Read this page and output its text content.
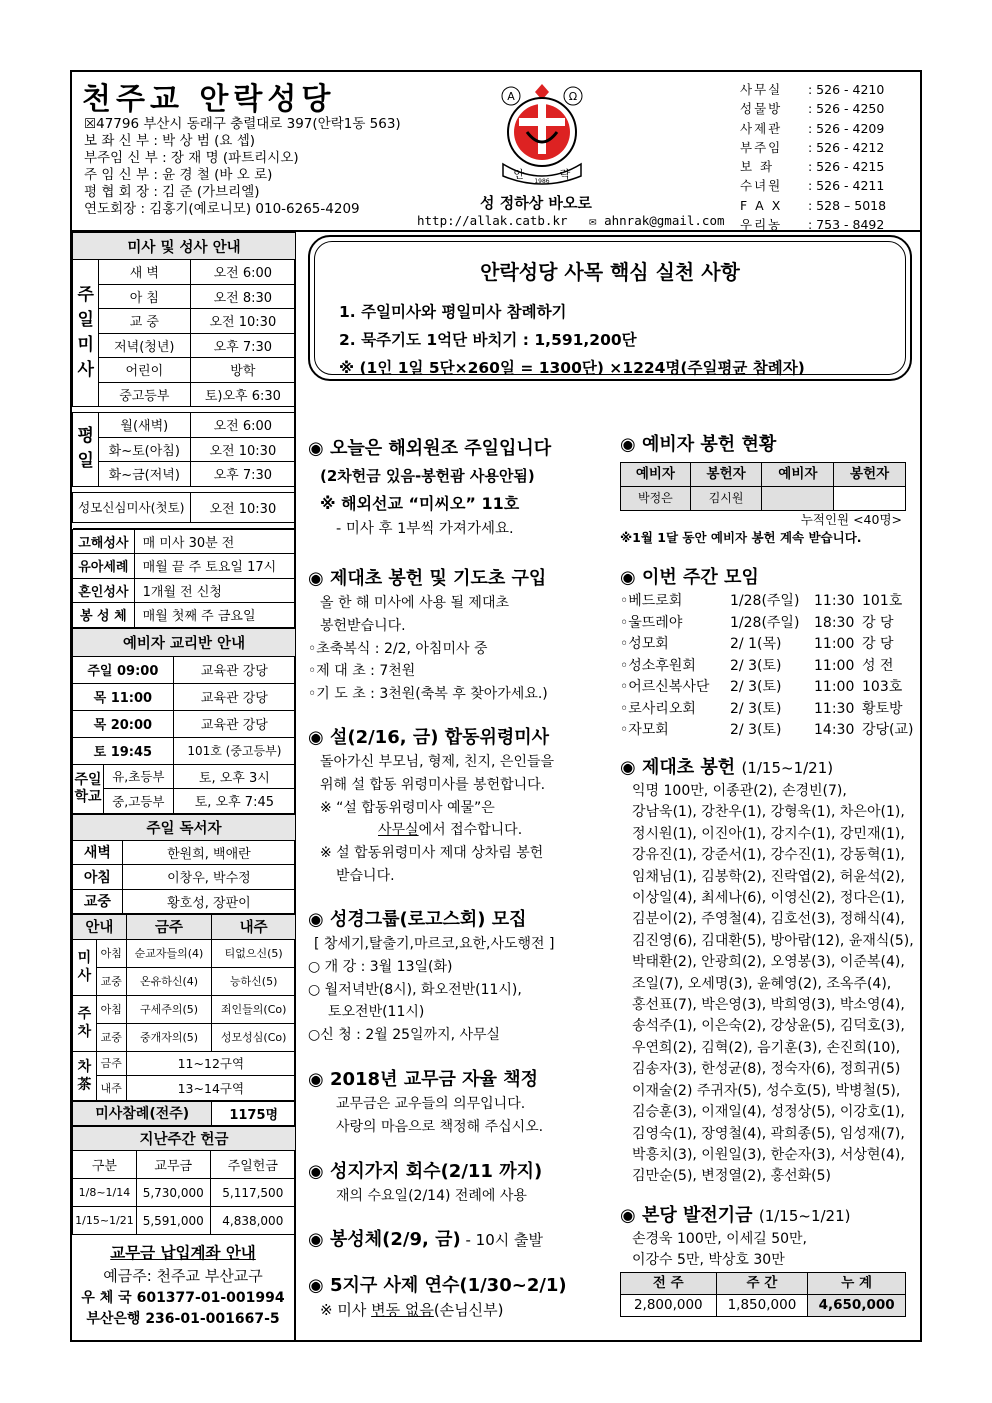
천주교 안락성당
☒47796 부산시 동래구 충렬대로 397(안락1동 563)
보 좌 신 부 : 박 상 범 (요 셉)
부주임 신 부 : 장 재 명 (파트리시오)
주 임 신 부 : 윤 경 철 (바 오 로)
평 협 회 장 : 김 준 (가브리엘)
연도회장 : 김홍기(예로니모) 010-6265-4209
A	Ω
안
1986
락
성 정하상 바오로
http://allak.catb.kr ✉ ahnrak@gmail.com
사무실	: 526 - 4210
성물방	: 526 - 4250
사제관	: 526 - 4209
부주임	: 526 - 4212
보 좌	: 526 - 4215
수녀원	: 526 - 4211
F A X	: 528 – 5018
우리농	: 753 - 8492
미사 및 성사 안내		
주일미사	새 벽	오전 6:00
	아 침	오전 8:30
	교 중	오전 10:30
	저녁(청년)	오후 7:30
	어린이	방학
	중고등부	토)오후 6:30

평일	월(새벽)	오전 6:00
	화~토(아침)	오전 10:30
	화~금(저녁)	오후 7:30

성모신심미사(첫토)		오전 10:30

고해성사	매 미사 30분 전
유아세례	매월 끝 주 토요일 17시
혼인성사	1개월 전 신청
봉 성 체	매월 첫째 주 금요일
예비자 교리반 안내		
주일 09:00		교육관 강당
목 11:00		교육관 강당
목 20:00		교육관 강당
토 19:45		101호 (중고등부)
주일학교	유,초등부	토, 오후 3시
	중,고등부	토, 오후 7:45
주일 독서자	
새벽	한원희, 백애란
아침	이창우, 박수정
교중	황호성, 장판이
안내		금주	내주
미사	아침	순교자들의(4)	티없으신(5)
	교중	온유하신(4)	능하신(5)
주차	아침	구세주의(5)	죄인들의(Co)
	교중	중개자의(5)	성모성심(Co)
차茶	금주	11~12구역	
	내주	13~14구역	
미사참례(전주)	1175명
지난주간 헌금		
구분	교무금	주일헌금
1/8~1/14	5,730,000	5,117,500
1/15~1/21	5,591,000	4,838,000
교무금 납입계좌 안내
예금주: 천주교 부산교구
우 체 국 601377-01-001994
부산은행 236-01-001667-5
안락성당 사목 핵심 실천 사항
1. 주일미사와 평일미사 참례하기
2. 묵주기도 1억단 바치기 : 1,591,200단
※ (1인 1일 5단×260일 = 1300단) ×1224명(주일평균 참례자)
◉ 오늘은 해외원조 주일입니다
(2차헌금 있음-봉헌괌 사용안됨)
※ 해외선교 “미씨오” 11호
- 미사 후 1부씩 가져가세요.
◉ 제대초 봉헌 및 기도초 구입
올 한 해 미사에 사용 될 제대초
봉헌받습니다.
◦초축복식 : 2/2, 아침미사 중
◦제 대 초 : 7천원
◦기 도 초 : 3천원(축복 후 찾아가세요.)
◉ 설(2/16, 금) 합동위령미사
돌아가신 부모님, 형제, 친지, 은인들을
위해 설 합동 위령미사를 봉헌합니다.
※ “설 합동위령미사 예물”은
사무실에서 접수합니다.
※ 설 합동위령미사 제대 상차림 봉헌
받습니다.
◉ 성경그룹(로고스회) 모집
[ 창세기,탈출기,마르코,요한,사도행전 ]
○ 개 강 : 3월 13일(화)
○ 월저녁반(8시), 화오전반(11시),
토오전반(11시)
○신 청 : 2월 25일까지, 사무실
◉ 2018년 교무금 자율 책정
교무금은 교우들의 의무입니다.
사랑의 마음으로 책정해 주십시오.
◉ 성지가지 회수(2/11 까지)
재의 수요일(2/14) 전례에 사용
◉ 봉성체(2/9, 금) - 10시 출발
◉ 5지구 사제 연수(1/30~2/1)
※ 미사 변동 없음(손님신부)
◉ 예비자 봉헌 현황
예비자	봉헌자	예비자	봉헌자
박정은	김시원		
누적인원 <40명>
※1월 1달 동안 예비자 봉헌 계속 받습니다.
◉ 이번 주간 모임
◦베드로회	1/28(주일)	11:30 101호
◦울뜨레야	1/28(주일)	18:30 강 당
◦성모회	2/ 1(목)	11:00 강 당
◦성소후원회	2/ 3(토)	11:00 성 전
◦어르신복사단	2/ 3(토)	11:00 103호
◦로사리오회	2/ 3(토)	11:30 황토방
◦자모회	2/ 3(토)	14:30 강당(교)
◉ 제대초 봉헌 (1/15~1/21)
익명 100만, 이종관(2), 손경빈(7),
강남욱(1), 강찬우(1), 강형욱(1), 차은아(1),
정시원(1), 이진아(1), 강지수(1), 강민재(1),
강유진(1), 강준서(1), 강수진(1), 강동혁(1),
임채님(1), 김봉학(2), 진락엽(2), 허윤석(2),
이상일(4), 최세나(6), 이영신(2), 정다은(1),
김분이(2), 주영철(4), 김호선(3), 정해식(4),
김진영(6), 김대환(5), 방아람(12), 윤재식(5),
박태환(2), 안광희(2), 오영봉(3), 이준복(4),
조일(7), 오세명(3), 윤혜영(2), 조옥주(4),
홍선표(7), 박은영(3), 박희영(3), 박소영(4),
송석주(1), 이은숙(2), 강상윤(5), 김덕호(3),
우연희(2), 김혁(2), 음기훈(3), 손진희(10),
김송자(3), 한성균(8), 정숙자(6), 정희귀(5)
이재술(2) 주귀자(5), 성수호(5), 박병철(5),
김승훈(3), 이재일(4), 성정상(5), 이강호(1),
김영숙(1), 장영철(4), 곽희종(5), 임성재(7),
박흥치(3), 이원일(3), 한순자(3), 서상현(4),
김만순(5), 변정열(2), 홍선화(5)
◉ 본당 발전기금 (1/15~1/21)
손경욱 100만, 이세길 50만,
이강수 5만, 박상호 30만
전 주	주 간	누 계
2,800,000	1,850,000	4,650,000
